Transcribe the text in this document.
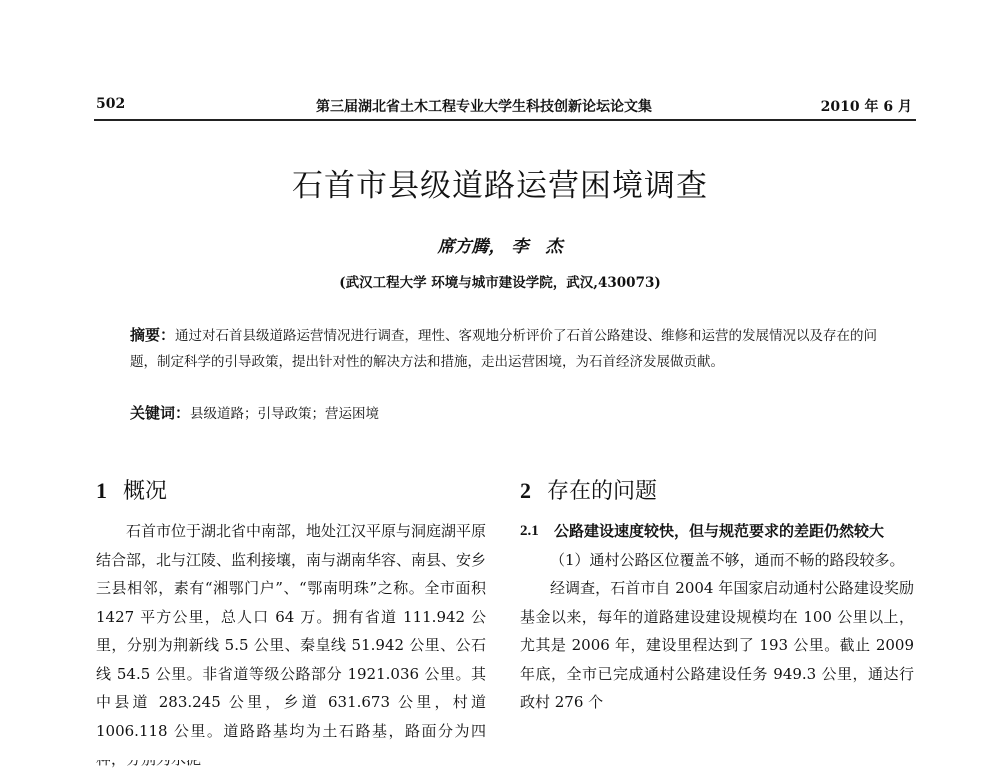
502	第三届湖北省土木工程专业大学生科技创新论坛论文集	2010 年 6 月
石首市县级道路运营困境调查
席方腾， 李　杰
(武汉工程大学 环境与城市建设学院，武汉,430073)
摘要：通过对石首县级道路运营情况进行调查，理性、客观地分析评价了石首公路建设、维修和运营的发展情况以及存在的问题，制定科学的引导政策，提出针对性的解决方法和措施，走出运营困境，为石首经济发展做贡献。
关键词：县级道路；引导政策；营运困境
1 概况	2 存在的问题

石首市位于湖北省中南部，地处江汉平原与洞庭湖平原结合部，北与江陵、监利接壤，南与湖南华容、南县、安乡三县相邻，素有“湘鄂门户”、“鄂南明珠”之称。全市面积 1427 平方公里，总人口 64 万。拥有省道 111.942 公里，分别为荆新线 5.5 公里、秦皇线 51.942 公里、公石线 54.5 公里。非省道等级公路部分 1921.036 公里。其中县道 283.245 公里，乡道 631.673 公里，村道 1006.118 公里。道路路基均为土石路基，路面分为四

2.1	公路建设速度较快，但与规范要求的差距仍然较大

（1）通村公路区位覆盖不够，通而不畅的路段较多。

经调查，石首市自 2004 年国家启动通村公路建设奖励基金以来，每年的道路建设建设规模均在 100 公里以上，尤其是 2006 年，建设里程达到了 193 公里。截止 2009 年底，全市已完成通村公路建设任务 949.3 公里，通达行政村 276 个
